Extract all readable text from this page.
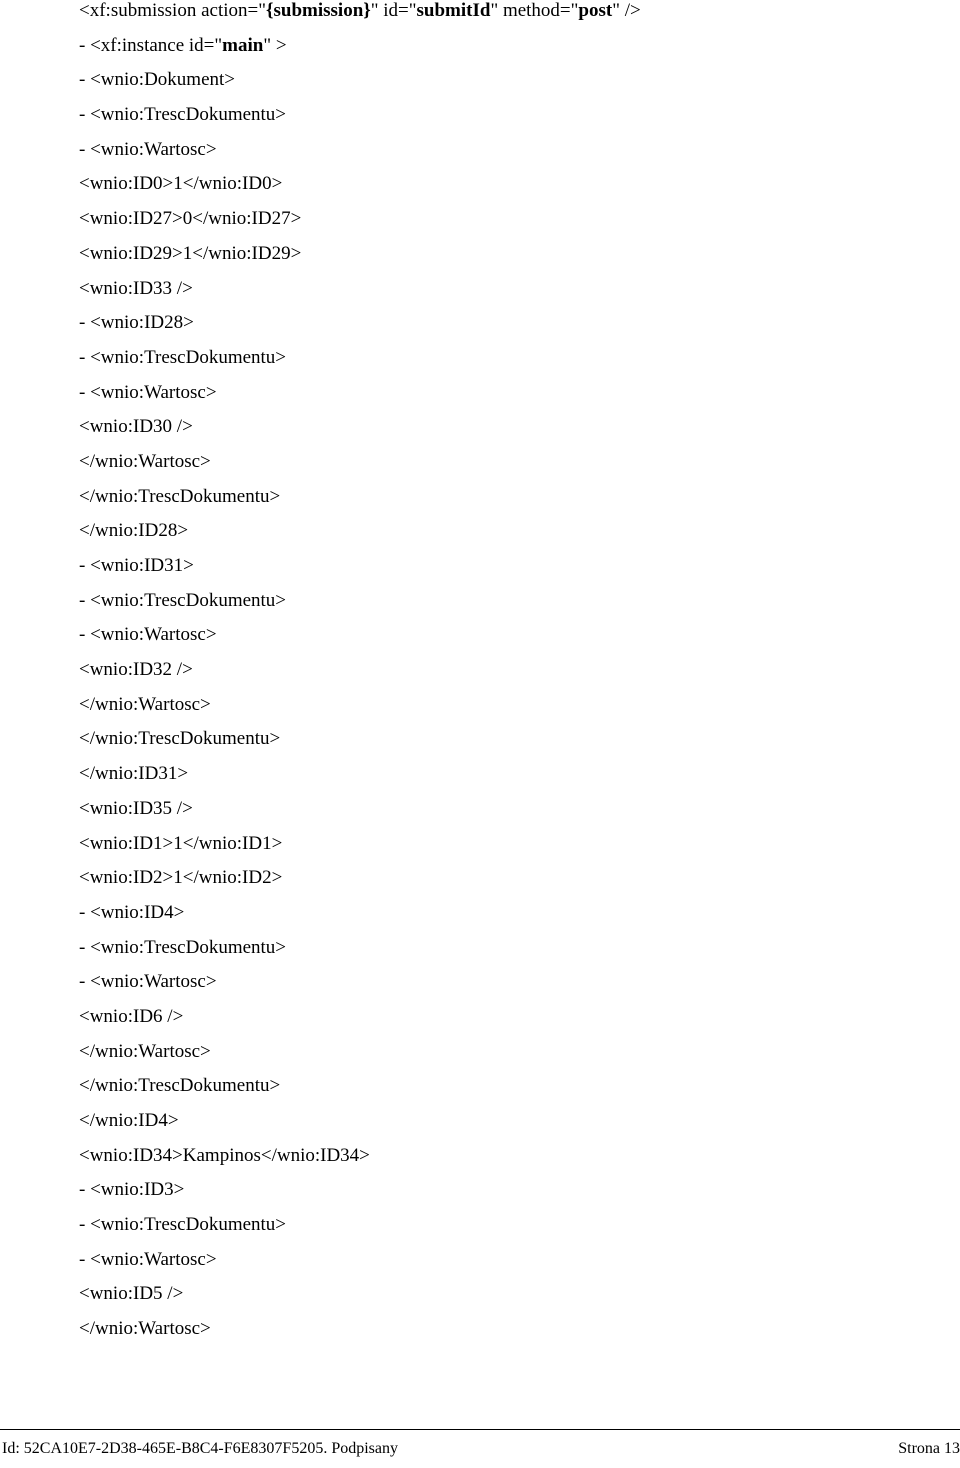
<xf:submission action="{submission}" id="submitId" method="post" />
- <xf:instance id="main" >
- <wnio:Dokument>
- <wnio:TrescDokumentu>
- <wnio:Wartosc>
<wnio:ID0>1</wnio:ID0>
<wnio:ID27>0</wnio:ID27>
<wnio:ID29>1</wnio:ID29>
<wnio:ID33 />
- <wnio:ID28>
- <wnio:TrescDokumentu>
- <wnio:Wartosc>
<wnio:ID30 />
</wnio:Wartosc>
</wnio:TrescDokumentu>
</wnio:ID28>
- <wnio:ID31>
- <wnio:TrescDokumentu>
- <wnio:Wartosc>
<wnio:ID32 />
</wnio:Wartosc>
</wnio:TrescDokumentu>
</wnio:ID31>
<wnio:ID35 />
<wnio:ID1>1</wnio:ID1>
<wnio:ID2>1</wnio:ID2>
- <wnio:ID4>
- <wnio:TrescDokumentu>
- <wnio:Wartosc>
<wnio:ID6 />
</wnio:Wartosc>
</wnio:TrescDokumentu>
</wnio:ID4>
<wnio:ID34>Kampinos</wnio:ID34>
- <wnio:ID3>
- <wnio:TrescDokumentu>
- <wnio:Wartosc>
<wnio:ID5 />
</wnio:Wartosc>
Id: 52CA10E7-2D38-465E-B8C4-F6E8307F5205. Podpisany	Strona 13
